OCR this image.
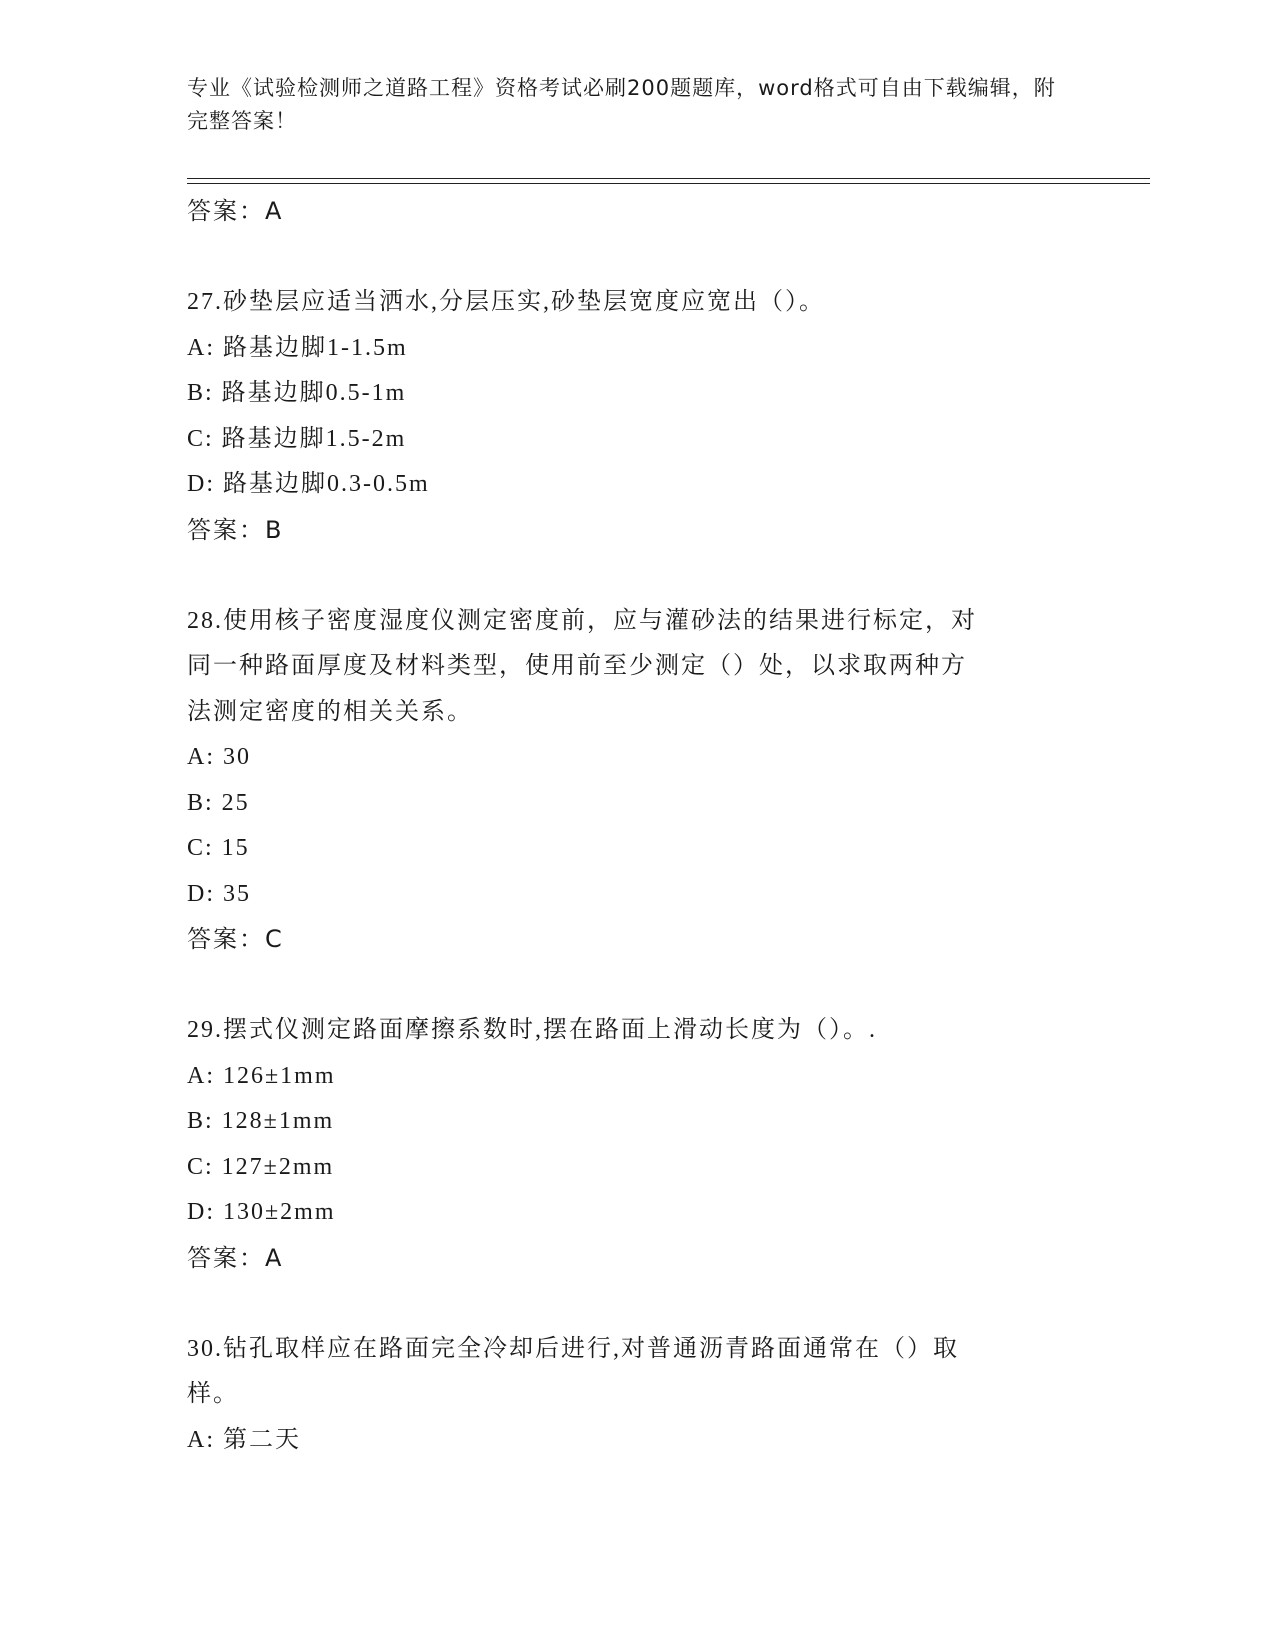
专业《试验检测师之道路工程》资格考试必刷200题题库，word格式可自由下载编辑，附完整答案！
答案：A
27.砂垫层应适当洒水,分层压实,砂垫层宽度应宽出（）。
A: 路基边脚1-1.5m
B: 路基边脚0.5-1m
C: 路基边脚1.5-2m
D: 路基边脚0.3-0.5m
答案：B
28.使用核子密度湿度仪测定密度前，应与灌砂法的结果进行标定，对
同一种路面厚度及材料类型，使用前至少测定（）处，以求取两种方
法测定密度的相关关系。
A: 30
B: 25
C: 15
D: 35
答案：C
29.摆式仪测定路面摩擦系数时,摆在路面上滑动长度为（）。.
A: 126±1mm
B: 128±1mm
C: 127±2mm
D: 130±2mm
答案：A
30.钻孔取样应在路面完全冷却后进行,对普通沥青路面通常在（）取
样。
A: 第二天
